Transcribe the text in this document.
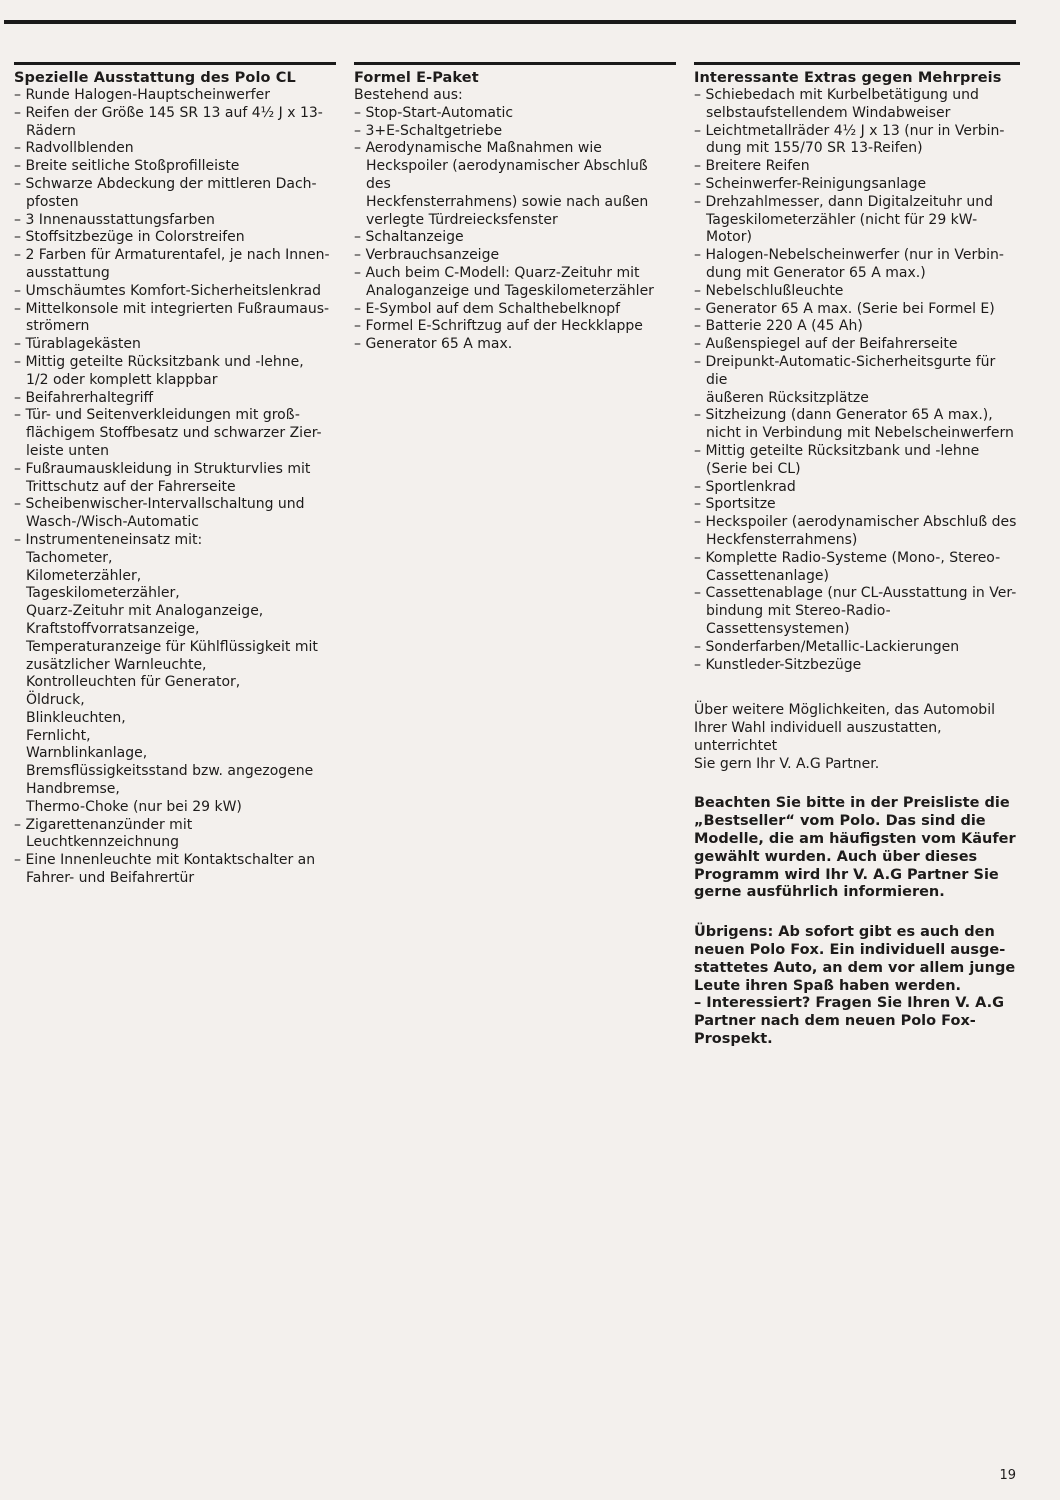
Spezielle Ausstattung des Polo CL
– Runde Halogen-Hauptscheinwerfer
– Reifen der Größe 145 SR 13 auf 4½ J x 13-
Rädern
– Radvollblenden
– Breite seitliche Stoßprofilleiste
– Schwarze Abdeckung der mittleren Dach-
pfosten
– 3 Innenausstattungsfarben
– Stoffsitzbezüge in Colorstreifen
– 2 Farben für Armaturentafel, je nach Innen-
ausstattung
– Umschäumtes Komfort-Sicherheitslenkrad
– Mittelkonsole mit integrierten Fußraumaus-
strömern
– Türablagekästen
– Mittig geteilte Rücksitzbank und -lehne,
1/2 oder komplett klappbar
– Beifahrerhaltegriff
– Tür- und Seitenverkleidungen mit groß-
flächigem Stoffbesatz und schwarzer Zier-
leiste unten
– Fußraumauskleidung in Strukturvlies mit
Trittschutz auf der Fahrerseite
– Scheibenwischer-Intervallschaltung und
Wasch-/Wisch-Automatic
– Instrumenteneinsatz mit:
Tachometer,
Kilometerzähler,
Tageskilometerzähler,
Quarz-Zeituhr mit Analoganzeige,
Kraftstoffvorratsanzeige,
Temperaturanzeige für Kühlflüssigkeit mit
zusätzlicher Warnleuchte,
Kontrolleuchten für Generator,
Öldruck,
Blinkleuchten,
Fernlicht,
Warnblinkanlage,
Bremsflüssigkeitsstand bzw. angezogene
Handbremse,
Thermo-Choke (nur bei 29 kW)
– Zigarettenanzünder mit Leuchtkennzeichnung
– Eine Innenleuchte mit Kontaktschalter an
Fahrer- und Beifahrertür
Formel E-Paket

Bestehend aus:

– Stop-Start-Automatic
– 3+E-Schaltgetriebe
– Aerodynamische Maßnahmen wie
Heckspoiler (aerodynamischer Abschluß des
Heckfensterrahmens) sowie nach außen
verlegte Türdreiecksfenster
– Schaltanzeige
– Verbrauchsanzeige
– Auch beim C-Modell: Quarz-Zeituhr mit
Analoganzeige und Tageskilometerzähler
– E-Symbol auf dem Schalthebelknopf
– Formel E-Schriftzug auf der Heckklappe
– Generator 65 A max.
Interessante Extras gegen Mehrpreis
– Schiebedach mit Kurbelbetätigung und
selbstaufstellendem Windabweiser
– Leichtmetallräder 4½ J x 13 (nur in Verbin-
dung mit 155/70 SR 13-Reifen)
– Breitere Reifen
– Scheinwerfer-Reinigungsanlage
– Drehzahlmesser, dann Digitalzeituhr und
Tageskilometerzähler (nicht für 29 kW-Motor)
– Halogen-Nebelscheinwerfer (nur in Verbin-
dung mit Generator 65 A max.)
– Nebelschlußleuchte
– Generator 65 A max. (Serie bei Formel E)
– Batterie 220 A (45 Ah)
– Außenspiegel auf der Beifahrerseite
– Dreipunkt-Automatic-Sicherheitsgurte für die
äußeren Rücksitzplätze
– Sitzheizung (dann Generator 65 A max.),
nicht in Verbindung mit Nebelscheinwerfern
– Mittig geteilte Rücksitzbank und -lehne
(Serie bei CL)
– Sportlenkrad
– Sportsitze
– Heckspoiler (aerodynamischer Abschluß des
Heckfensterrahmens)
– Komplette Radio-Systeme (Mono-, Stereo-
Cassettenanlage)
– Cassettenablage (nur CL-Ausstattung in Ver-
bindung mit Stereo-Radio-Cassettensystemen)
– Sonderfarben/Metallic-Lackierungen
– Kunstleder-Sitzbezüge

Über weitere Möglichkeiten, das Automobil
Ihrer Wahl individuell auszustatten, unterrichtet
Sie gern Ihr V. A.G Partner.

Beachten Sie bitte in der Preisliste die
„Bestseller“ vom Polo. Das sind die
Modelle, die am häufigsten vom Käufer
gewählt wurden. Auch über dieses
Programm wird Ihr V. A.G Partner Sie
gerne ausführlich informieren.

Übrigens: Ab sofort gibt es auch den
neuen Polo Fox. Ein individuell ausge-
stattetes Auto, an dem vor allem junge
Leute ihren Spaß haben werden.
– Interessiert? Fragen Sie Ihren V. A.G
Partner nach dem neuen Polo Fox-
Prospekt.

19
